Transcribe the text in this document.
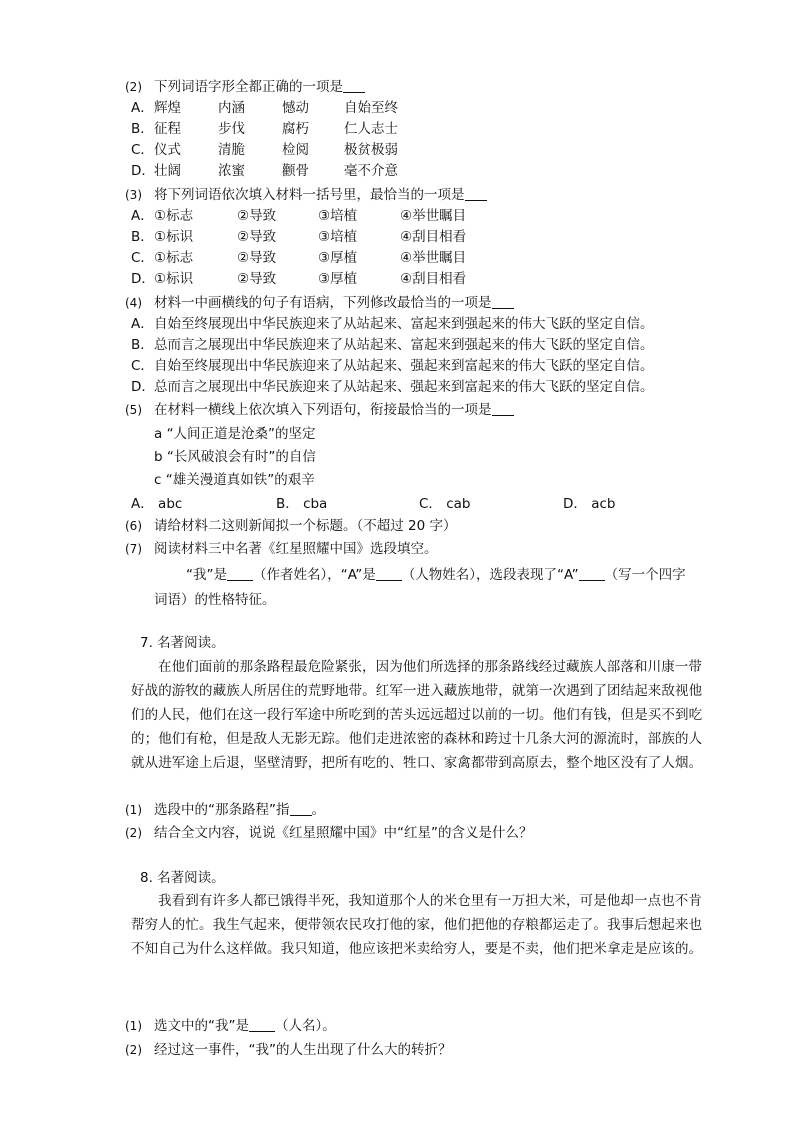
(2) 下列词语字形全都正确的一项是
A． 辉煌	内涵	憾动	自始至终
B． 征程	步伐	腐朽	仁人志士
C． 仪式	清脆	检阅	极贫极弱
D． 壮阔	浓蜜	颧骨	毫不介意
(3) 将下列词语依次填入材料一括号里，最恰当的一项是
A． ①标志	②导致	③培植	④举世瞩目
B． ①标识	②导致	③培植	④刮目相看
C． ①标志	②导致	③厚植	④举世瞩目
D． ①标识	②导致	③厚植	④刮目相看
(4) 材料一中画横线的句子有语病，下列修改最恰当的一项是
A． 自始至终展现出中华民族迎来了从站起来、富起来到强起来的伟大飞跃的坚定自信。
B． 总而言之展现出中华民族迎来了从站起来、富起来到强起来的伟大飞跃的坚定自信。
C． 自始至终展现出中华民族迎来了从站起来、强起来到富起来的伟大飞跃的坚定自信。
D． 总而言之展现出中华民族迎来了从站起来、强起来到富起来的伟大飞跃的坚定自信。
(5) 在材料一横线上依次填入下列语句，衔接最恰当的一项是
a “人间正道是沧桑”的坚定
b “长风破浪会有时”的自信
c “雄关漫道真如铁”的艰辛
A． abc	B． cba	C． cab	D． acb
(6) 请给材料二这则新闻拟一个标题。（不超过 20 字）
(7) 阅读材料三中名著《红星照耀中国》选段填空。
“我”是 （作者姓名），“A”是 （人物姓名），选段表现了“A” （写一个四字
词语）的性格特征。
7. 名著阅读。
在他们面前的那条路程最危险紧张，因为他们所选择的那条路线经过藏族人部落和川康一带好战的游牧的藏族人所居住的荒野地带。红军一进入藏族地带，就第一次遇到了团结起来敌视他们的人民，他们在这一段行军途中所吃到的苦头远远超过以前的一切。他们有钱，但是买不到吃的；他们有枪，但是敌人无影无踪。他们走进浓密的森林和跨过十几条大河的源流时，部族的人就从进军途上后退，坚壁清野，把所有吃的、牲口、家禽都带到高原去，整个地区没有了人烟。
(1) 选段中的“那条路程”指 。
(2) 结合全文内容，说说《红星照耀中国》中“红星”的含义是什么？
8. 名著阅读。
我看到有许多人都已饿得半死，我知道那个人的米仓里有一万担大米，可是他却一点也不肯帮穷人的忙。我生气起来，便带领农民攻打他的家，他们把他的存粮都运走了。我事后想起来也不知自己为什么这样做。我只知道，他应该把米卖给穷人，要是不卖，他们把米拿走是应该的。
(1) 选文中的“我”是 （人名）。
(2) 经过这一事件，“我”的人生出现了什么大的转折？
